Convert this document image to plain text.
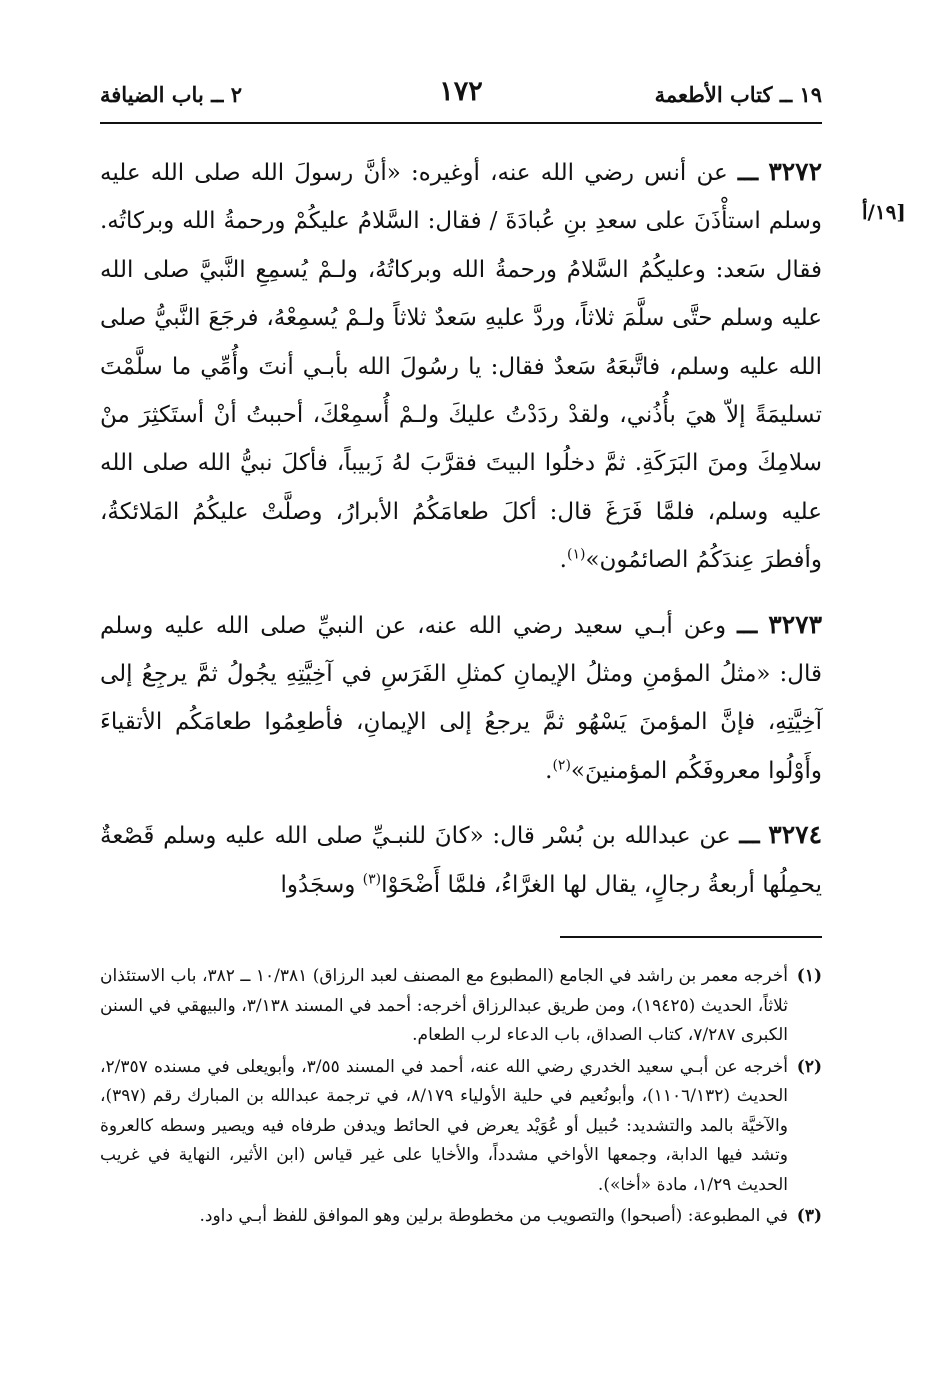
١٩ ــ كتاب الأطعمة
١٧٢
٢ ــ باب الضيافة
١٩/أ]

٣٢٧٢ ـــ عن أنس رضي الله عنه، أوغيره: «أنَّ رسولَ الله صلى الله عليه وسلم استأْذَنَ على سعدِ بنِ عُبادَةَ / فقال: السَّلامُ عليكُمْ ورحمةُ الله وبركاتُه. فقال سَعد: وعليكُمُ السَّلامُ ورحمةُ الله وبركاتُهُ، ولـمْ يُسمِعِ النَّبيَّ صلى الله عليه وسلم حتَّى سلَّمَ ثلاثاً، وردَّ عليهِ سَعدٌ ثلاثاً ولـمْ يُسمِعْهُ، فرجَعَ النَّبيُّ صلى الله عليه وسلم، فاتَّبعَهُ سَعدٌ فقال: يا رسُولَ الله بأبـي أنتَ وأُمِّي ما سلَّمْتَ تسليمَةً إلاّ هيَ بأُذُني، ولقدْ ردَدْتُ عليكَ ولـمْ أُسمِعْكَ، أحببتُ أنْ أستَكثِرَ منْ سلامِكَ ومنَ البَرَكَةِ. ثمَّ دخلُوا البيتَ فقرَّبَ لهُ زَبيباً، فأكلَ نبيُّ الله صلى الله عليه وسلم، فلمَّا فَرَغَ قال: أكلَ طعامَكُمُ الأبرارُ، وصلَّتْ عليكُمُ المَلائكةُ، وأفطرَ عِندَكُمُ الصائمُون»$^{(١)}$.

٣٢٧٣ ـــ وعن أبـي سعيد رضي الله عنه، عن النبيِّ صلى الله عليه وسلم قال: «مثلُ المؤمنِ ومثلُ الإيمانِ كمثلِ الفَرَسِ في آخِيَّتِهِ يجُولُ ثمَّ يرجِعُ إلى آخِيَّتِهِ، فإنَّ المؤمنَ يَسْهُو ثمَّ يرجعُ إلى الإيمانِ، فأطعِمُوا طعامَكُم الأتقياءَ وأَوْلُوا معروفَكُم المؤمنينَ»$^{(٢)}$.

٣٢٧٤ ـــ عن عبدالله بن بُسْر قال: «كانَ للنبـيِّ صلى الله عليه وسلم قَصْعةٌ يحمِلُها أربعةُ رجالٍ، يقال لها الغرَّاءُ، فلمَّا أَضْحَوْا$^{(٣)}$ وسجَدُوا

(١)
أخرجه معمر بن راشد في الجامع (المطبوع مع المصنف لعبد الرزاق) ١٠/٣٨١ ــ ٣٨٢، باب الاستئذان ثلاثاً، الحديث (١٩٤٢٥)، ومن طريق عبدالرزاق أخرجه: أحمد في المسند ٣/١٣٨، والبيهقي في السنن الكبرى ٧/٢٨٧، كتاب الصداق، باب الدعاء لرب الطعام.
(٢)
أخرجه عن أبـي سعيد الخدري رضي الله عنه، أحمد في المسند ٣/٥٥، وأبويعلى في مسنده ٢/٣٥٧، الحديث (١١٠٦/١٣٢)، وأبونُعيم في حلية الأولياء ٨/١٧٩، في ترجمة عبدالله بن المبارك رقم (٣٩٧)، والآخيَّة بالمد والتشديد: حُبيل أو عُوَيْد يعرض في الحائط ويدفن طرفاه فيه ويصير وسطه كالعروة وتشد فيها الدابة، وجمعها الأواخي مشدداً، والأخايا على غير قياس (ابن الأثير، النهاية في غريب الحديث ١/٢٩، مادة «أخا»).
(٣)
في المطبوعة: (أصبحوا) والتصويب من مخطوطة برلين وهو الموافق للفظ أبـي داود.
